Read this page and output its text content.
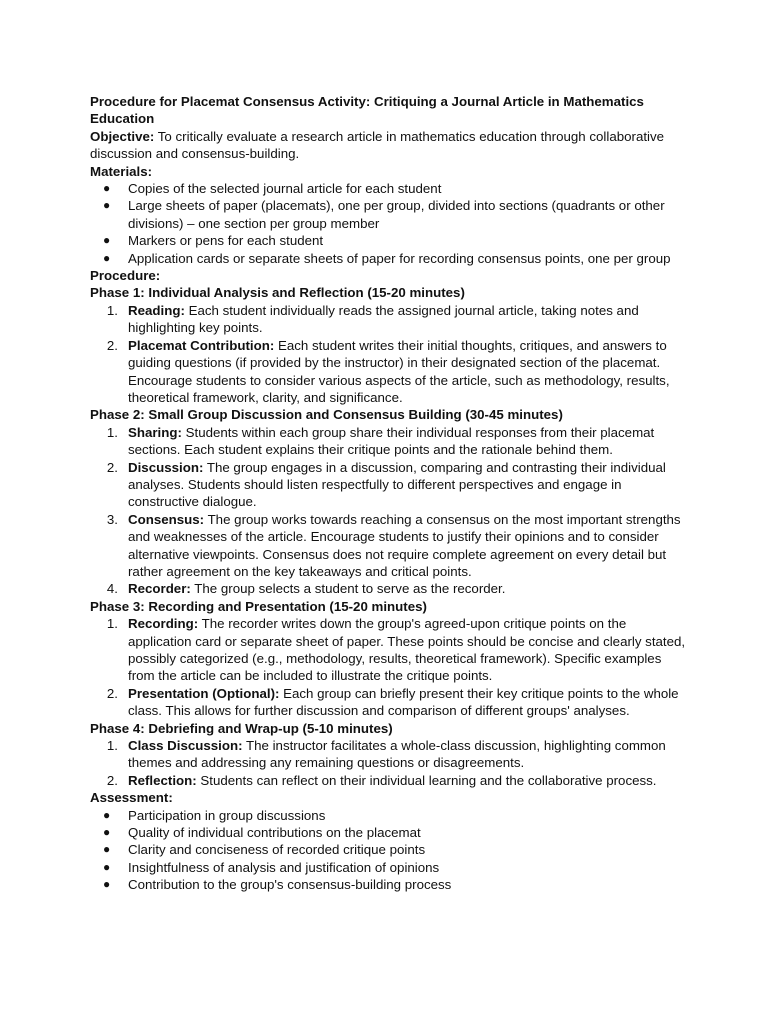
Procedure for Placemat Consensus Activity: Critiquing a Journal Article in Mathematics Education

Objective: To critically evaluate a research article in mathematics education through collaborative discussion and consensus-building.

Materials:

● Copies of the selected journal article for each student
● Large sheets of paper (placemats), one per group, divided into sections (quadrants or other divisions) – one section per group member
● Markers or pens for each student
● Application cards or separate sheets of paper for recording consensus points, one per group

Procedure:

Phase 1: Individual Analysis and Reflection (15-20 minutes)

1. Reading: Each student individually reads the assigned journal article, taking notes and highlighting key points.
2. Placemat Contribution: Each student writes their initial thoughts, critiques, and answers to guiding questions (if provided by the instructor) in their designated section of the placemat. Encourage students to consider various aspects of the article, such as methodology, results, theoretical framework, clarity, and significance.

Phase 2: Small Group Discussion and Consensus Building (30-45 minutes)

1. Sharing: Students within each group share their individual responses from their placemat sections. Each student explains their critique points and the rationale behind them.
2. Discussion: The group engages in a discussion, comparing and contrasting their individual analyses. Students should listen respectfully to different perspectives and engage in constructive dialogue.
3. Consensus: The group works towards reaching a consensus on the most important strengths and weaknesses of the article. Encourage students to justify their opinions and to consider alternative viewpoints. Consensus does not require complete agreement on every detail but rather agreement on the key takeaways and critical points.
4. Recorder: The group selects a student to serve as the recorder.

Phase 3: Recording and Presentation (15-20 minutes)

1. Recording: The recorder writes down the group's agreed-upon critique points on the application card or separate sheet of paper. These points should be concise and clearly stated, possibly categorized (e.g., methodology, results, theoretical framework). Specific examples from the article can be included to illustrate the critique points.
2. Presentation (Optional): Each group can briefly present their key critique points to the whole class. This allows for further discussion and comparison of different groups' analyses.

Phase 4: Debriefing and Wrap-up (5-10 minutes)

1. Class Discussion: The instructor facilitates a whole-class discussion, highlighting common themes and addressing any remaining questions or disagreements.
2. Reflection: Students can reflect on their individual learning and the collaborative process.

Assessment:

● Participation in group discussions
● Quality of individual contributions on the placemat
● Clarity and conciseness of recorded critique points
● Insightfulness of analysis and justification of opinions
● Contribution to the group's consensus-building process
